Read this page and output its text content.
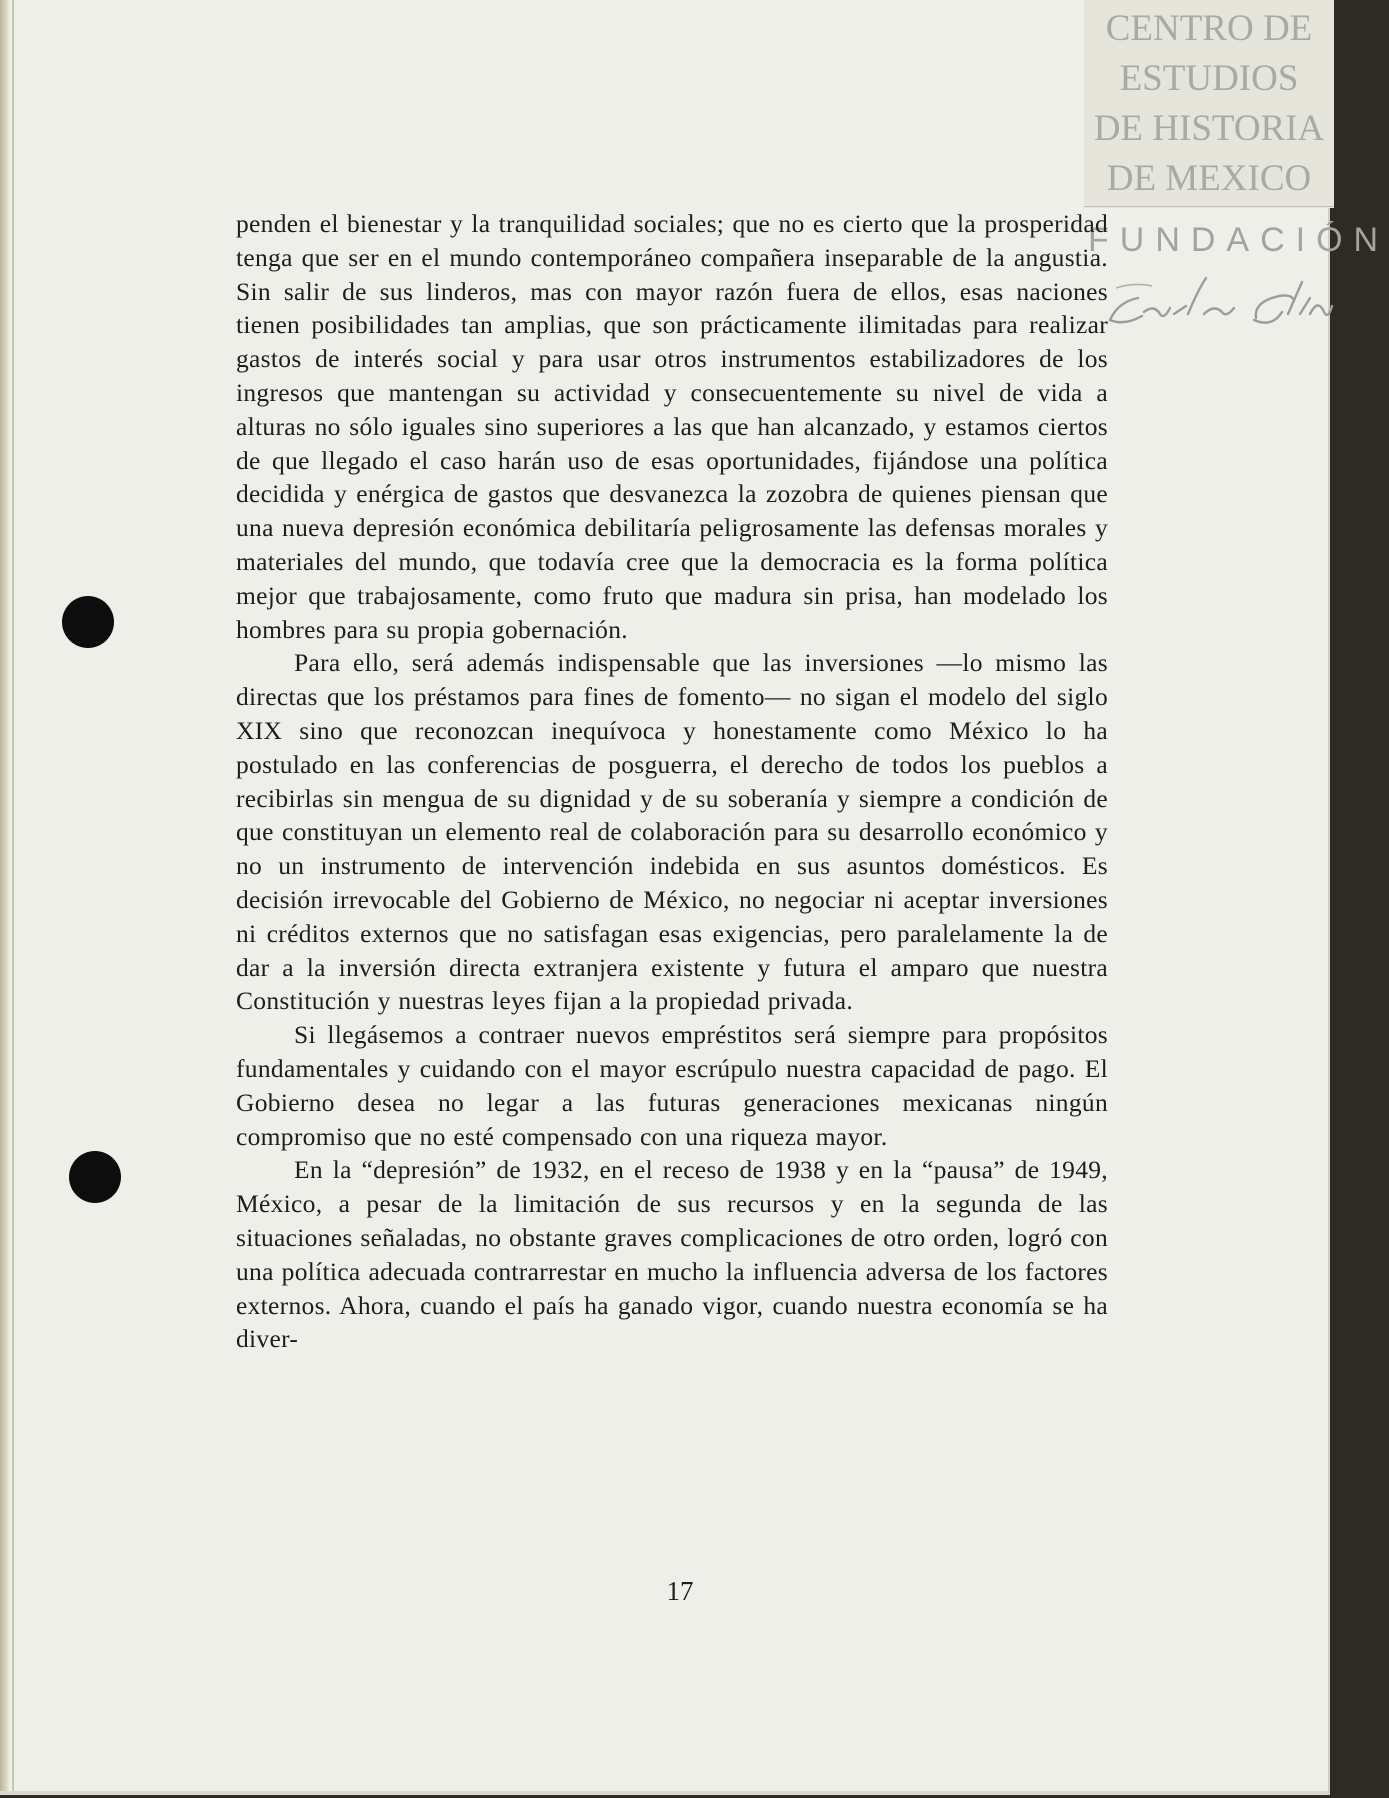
CENTRO DE
ESTUDIOS
DE HISTORIA
DE MEXICO
FUNDACIÓN

penden el bienestar y la tranquilidad sociales; que no es cierto que la prosperidad tenga que ser en el mundo contemporáneo compañera inseparable de la angustia. Sin salir de sus linderos, mas con mayor razón fuera de ellos, esas naciones tienen posibilidades tan amplias, que son prácticamente ilimitadas para realizar gastos de interés social y para usar otros instrumentos estabilizadores de los ingresos que mantengan su actividad y consecuentemente su nivel de vida a alturas no sólo iguales sino superiores a las que han alcanzado, y estamos ciertos de que llegado el caso harán uso de esas oportunidades, fijándose una política decidida y enérgica de gastos que desvanezca la zozobra de quienes piensan que una nueva depresión económica debilitaría peligrosamente las defensas morales y materiales del mundo, que todavía cree que la democracia es la forma política mejor que trabajosamente, como fruto que madura sin prisa, han modelado los hombres para su propia gobernación.

Para ello, será además indispensable que las inversiones —lo mismo las directas que los préstamos para fines de fomento— no sigan el modelo del siglo XIX sino que reconozcan inequívoca y honestamente como México lo ha postulado en las conferencias de posguerra, el derecho de todos los pueblos a recibirlas sin mengua de su dignidad y de su soberanía y siempre a condición de que constituyan un elemento real de colaboración para su desarrollo económico y no un instrumento de intervención indebida en sus asuntos domésticos. Es decisión irrevocable del Gobierno de México, no negociar ni aceptar inversiones ni créditos externos que no satisfagan esas exigencias, pero paralelamente la de dar a la inversión directa extranjera existente y futura el amparo que nuestra Constitución y nuestras leyes fijan a la propiedad privada.

Si llegásemos a contraer nuevos empréstitos será siempre para propósitos fundamentales y cuidando con el mayor escrúpulo nuestra capacidad de pago. El Gobierno desea no legar a las futuras generaciones mexicanas ningún compromiso que no esté compensado con una riqueza mayor.

En la “depresión” de 1932, en el receso de 1938 y en la “pausa” de 1949, México, a pesar de la limitación de sus recursos y en la segunda de las situaciones señaladas, no obstante graves complicaciones de otro orden, logró con una política adecuada contrarrestar en mucho la influencia adversa de los factores externos. Ahora, cuando el país ha ganado vigor, cuando nuestra economía se ha diver-

17
